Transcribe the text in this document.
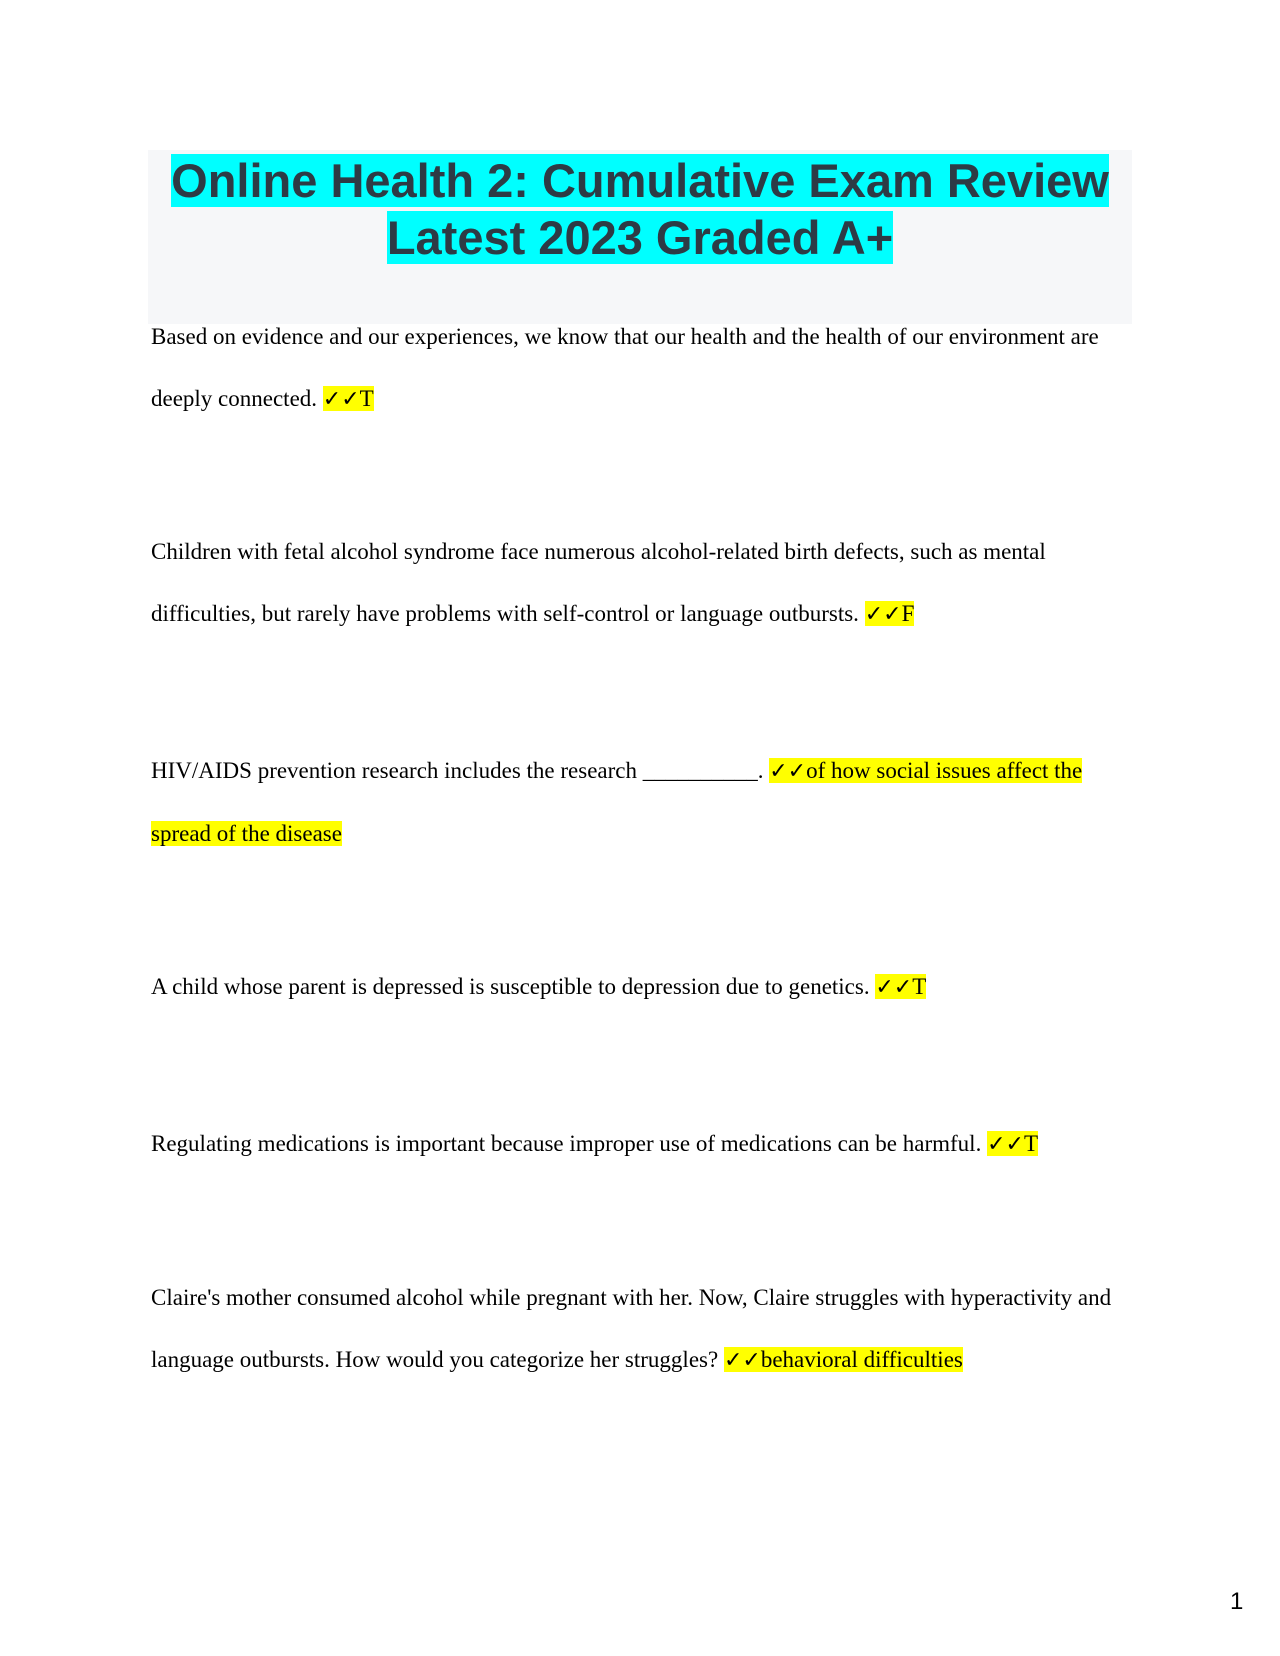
Online Health 2: Cumulative Exam Review Latest 2023 Graded A+
Based on evidence and our experiences, we know that our health and the health of our environment are deeply connected. ✓✓T
Children with fetal alcohol syndrome face numerous alcohol-related birth defects, such as mental difficulties, but rarely have problems with self-control or language outbursts. ✓✓F
HIV/AIDS prevention research includes the research __________. ✓✓of how social issues affect the spread of the disease
A child whose parent is depressed is susceptible to depression due to genetics. ✓✓T
Regulating medications is important because improper use of medications can be harmful. ✓✓T
Claire's mother consumed alcohol while pregnant with her. Now, Claire struggles with hyperactivity and language outbursts. How would you categorize her struggles? ✓✓behavioral difficulties
1
